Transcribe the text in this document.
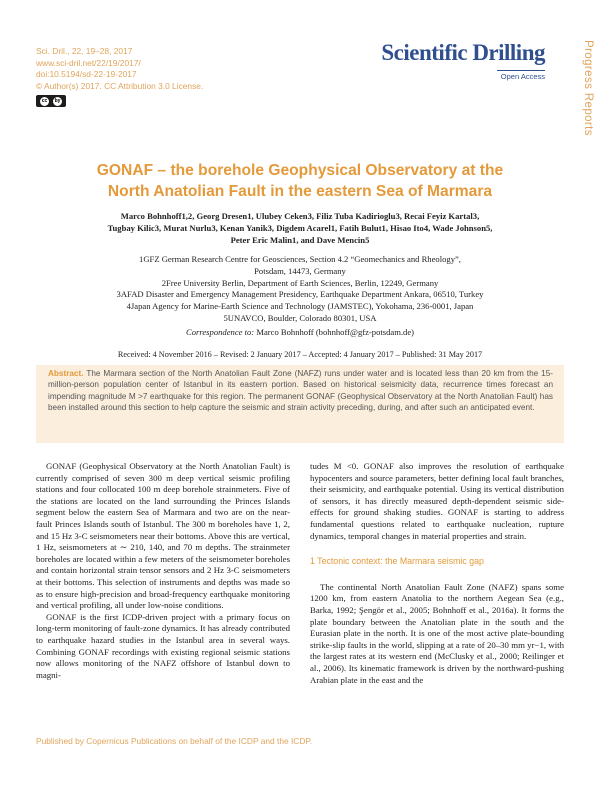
Sci. Dril., 22, 19–28, 2017
www.sci-dril.net/22/19/2017/
doi:10.5194/sd-22-19-2017
© Author(s) 2017. CC Attribution 3.0 License.
cc	by
Scientific Drilling
Open Access	Progress Reports
GONAF – the borehole Geophysical Observatory at the
North Anatolian Fault in the eastern Sea of Marmara
Marco Bohnhoff1,2, Georg Dresen1, Ulubey Ceken3, Filiz Tuba Kadirioglu3, Recai Feyiz Kartal3,
Tugbay Kilic3, Murat Nurlu3, Kenan Yanik3, Digdem Acarel1, Fatih Bulut1, Hisao Ito4, Wade Johnson5,
Peter Eric Malin1, and Dave Mencin5
1GFZ German Research Centre for Geosciences, Section 4.2 “Geomechanics and Rheology”,
Potsdam, 14473, Germany
2Free University Berlin, Department of Earth Sciences, Berlin, 12249, Germany
3AFAD Disaster and Emergency Management Presidency, Earthquake Department Ankara, 06510, Turkey
4Japan Agency for Marine-Earth Science and Technology (JAMSTEC), Yokohama, 236-0001, Japan
5UNAVCO, Boulder, Colorado 80301, USA
Correspondence to: Marco Bohnhoff (bohnhoff@gfz-potsdam.de)
Received: 4 November 2016 – Revised: 2 January 2017 – Accepted: 4 January 2017 – Published: 31 May 2017
Abstract. The Marmara section of the North Anatolian Fault Zone (NAFZ) runs under water and is located less than 20 km from the 15-million-person population center of Istanbul in its eastern portion. Based on historical seismicity data, recurrence times forecast an impending magnitude M >7 earthquake for this region. The permanent GONAF (Geophysical Observatory at the North Anatolian Fault) has been installed around this section to help capture the seismic and strain activity preceding, during, and after such an anticipated event.

GONAF (Geophysical Observatory at the North Anatolian Fault) is currently comprised of seven 300 m deep vertical seismic profiling stations and four collocated 100 m deep borehole strainmeters. Five of the stations are located on the land surrounding the Princes Islands segment below the eastern Sea of Marmara and two are on the near-fault Princes Islands south of Istanbul. The 300 m boreholes have 1, 2, and 15 Hz 3-C seismometers near their bottoms. Above this are vertical, 1 Hz, seismometers at ∼ 210, 140, and 70 m depths. The strainmeter boreholes are located within a few meters of the seismometer boreholes and contain horizontal strain tensor sensors and 2 Hz 3-C seismometers at their bottoms. This selection of instruments and depths was made so as to ensure high-precision and broad-frequency earthquake monitoring and vertical profiling, all under low-noise conditions.

GONAF is the first ICDP-driven project with a primary focus on long-term monitoring of fault-zone dynamics. It has already contributed to earthquake hazard studies in the Istanbul area in several ways. Combining GONAF recordings with existing regional seismic stations now allows monitoring of the NAFZ offshore of Istanbul down to magni-

tudes M <0. GONAF also improves the resolution of earthquake hypocenters and source parameters, better defining local fault branches, their seismicity, and earthquake potential. Using its vertical distribution of sensors, it has directly measured depth-dependent seismic side-effects for ground shaking studies. GONAF is starting to address fundamental questions related to earthquake nucleation, rupture dynamics, temporal changes in material properties and strain.

1 Tectonic context: the Marmara seismic gap

The continental North Anatolian Fault Zone (NAFZ) spans some 1200 km, from eastern Anatolia to the northern Aegean Sea (e.g., Barka, 1992; Şengör et al., 2005; Bohnhoff et al., 2016a). It forms the plate boundary between the Anatolian plate in the south and the Eurasian plate in the north. It is one of the most active plate-bounding strike-slip faults in the world, slipping at a rate of 20–30 mm yr−1, with the largest rates at its western end (McClusky et al., 2000; Reilinger et al., 2006). Its kinematic framework is driven by the northward-pushing Arabian plate in the east and the

Published by Copernicus Publications on behalf of the ICDP and the ICDP.
